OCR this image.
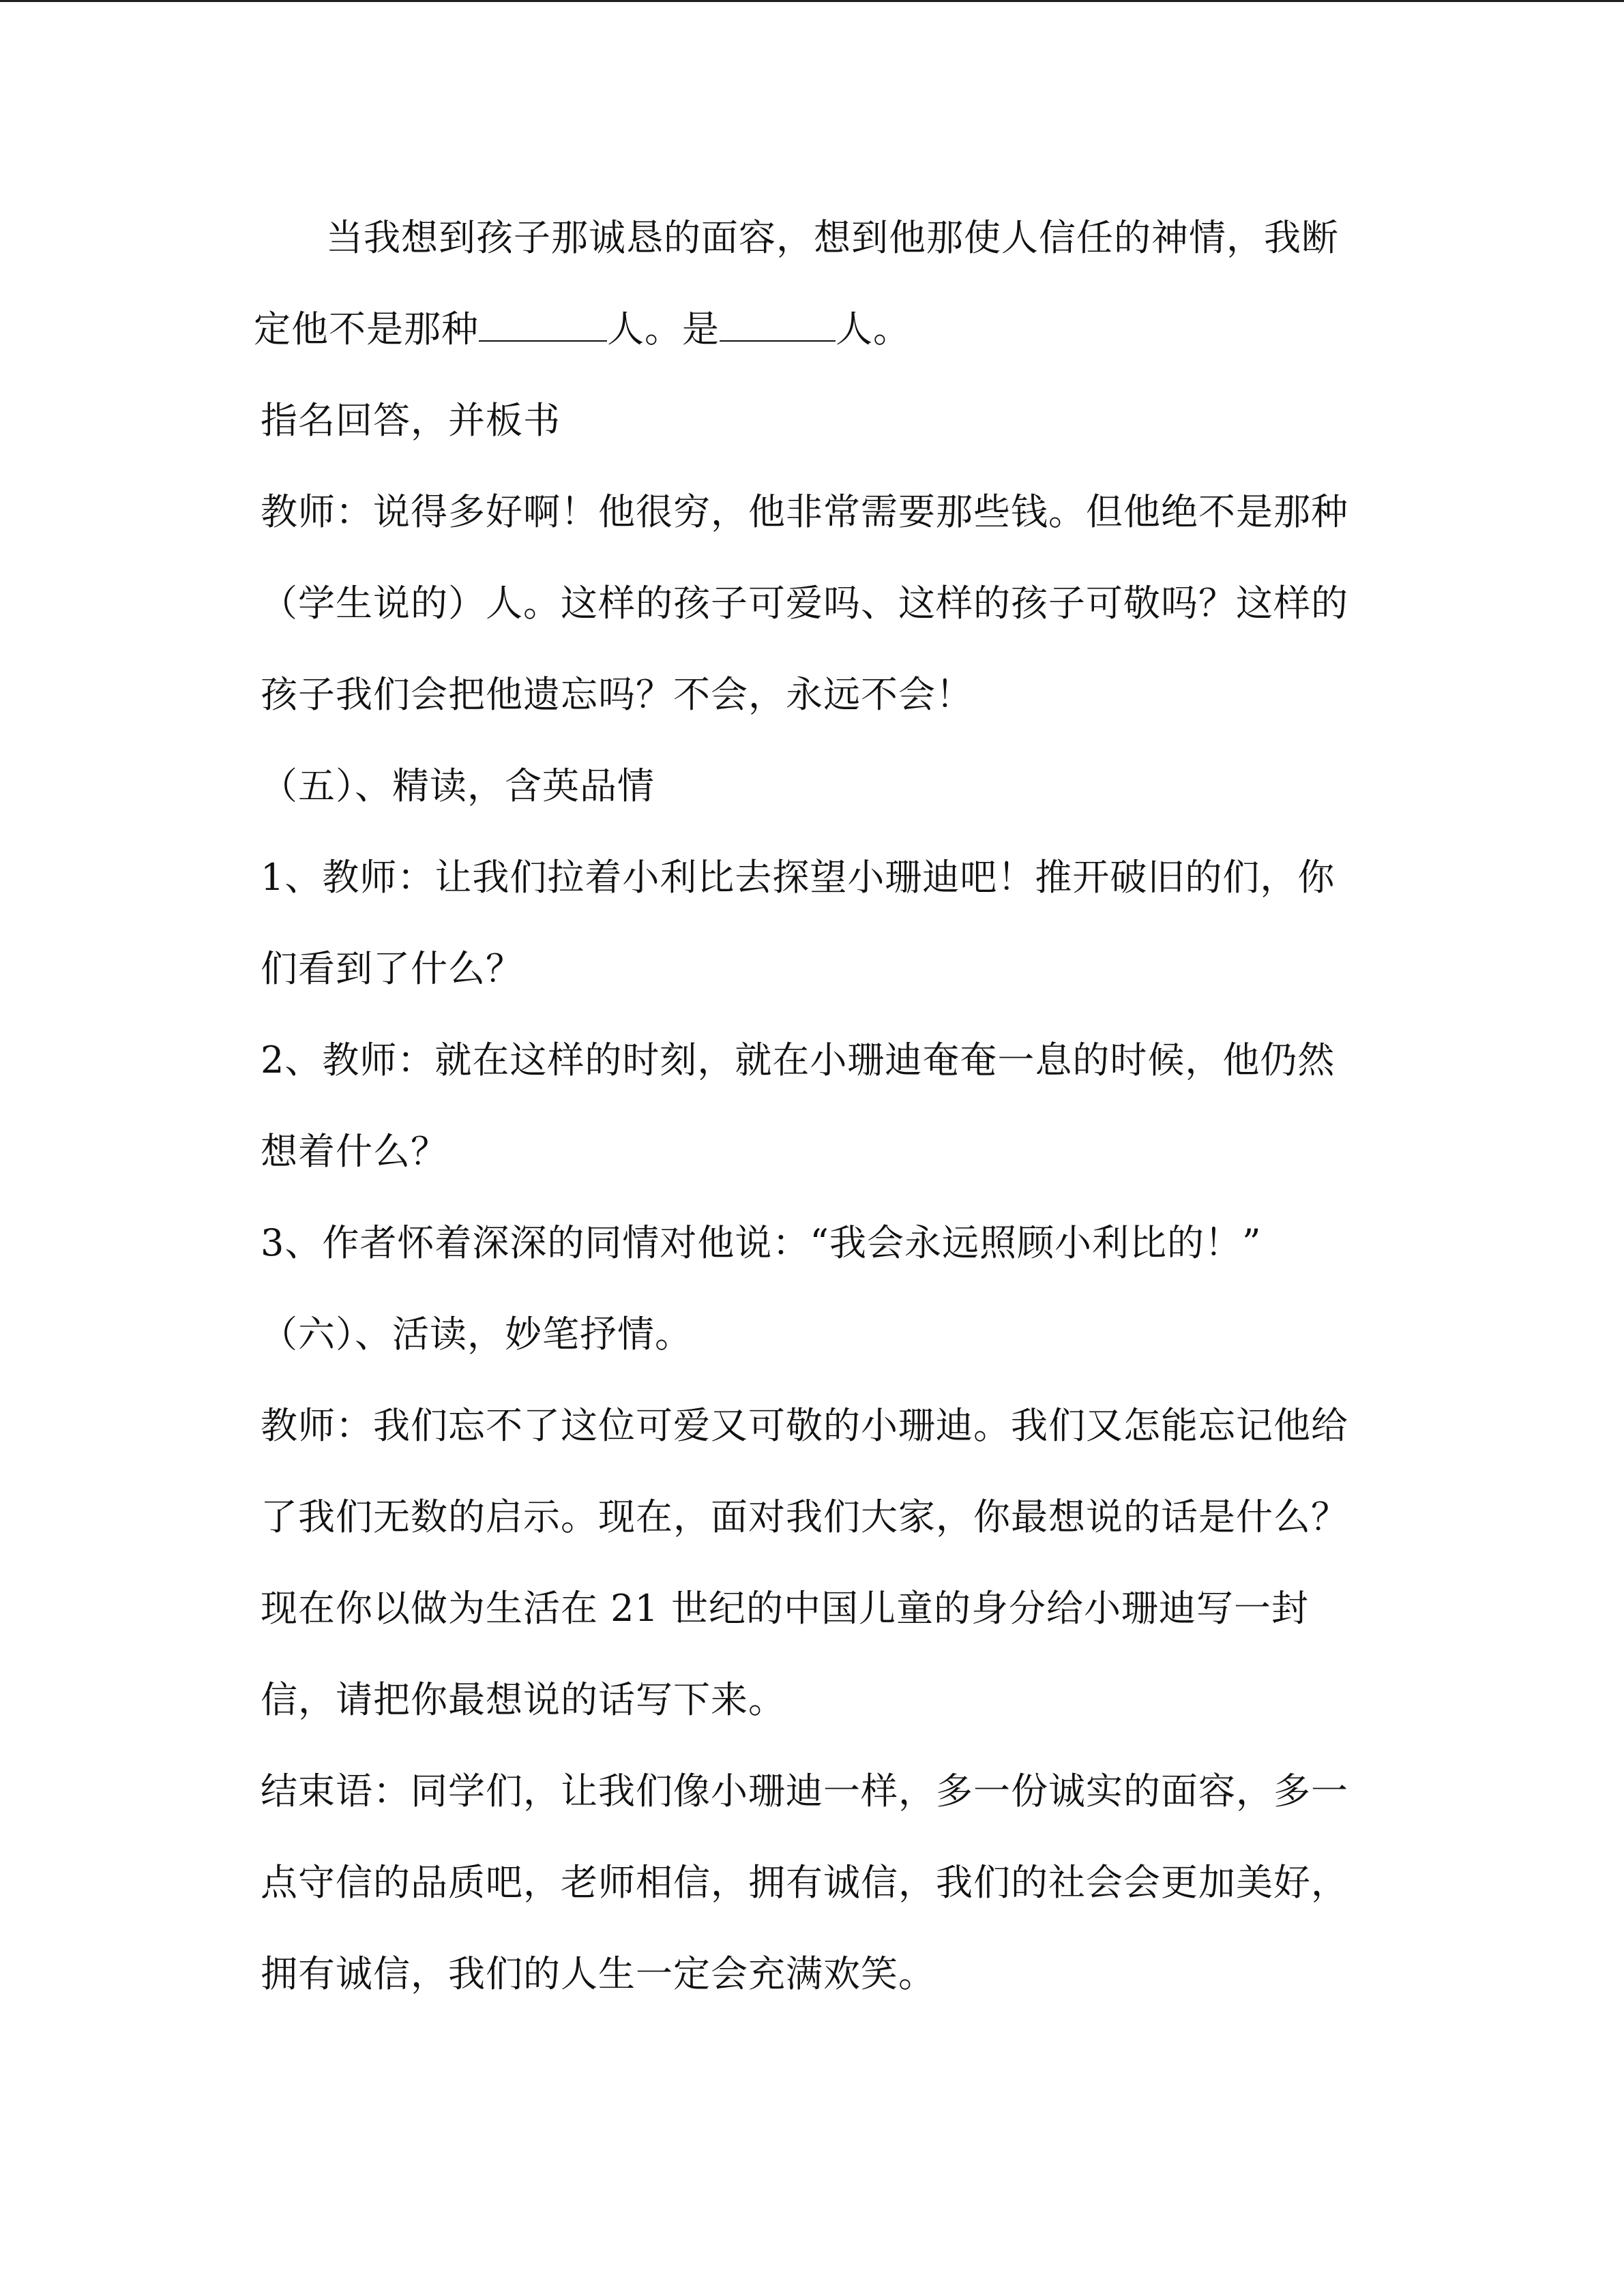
当我想到孩子那诚恳的面容，想到他那使人信任的神情，我断
定他不是那种	人。是	人。
指名回答，并板书
教师：说得多好啊！他很穷，他非常需要那些钱。但他绝不是那种
（学生说的）人。这样的孩子可爱吗、这样的孩子可敬吗？这样的
孩子我们会把他遗忘吗？不会，永远不会！
（五）、精读，含英品情
1、教师：让我们拉着小利比去探望小珊迪吧！推开破旧的们，你
们看到了什么？
2、教师：就在这样的时刻，就在小珊迪奄奄一息的时候，他仍然
想着什么？
3、作者怀着深深的同情对他说：“我会永远照顾小利比的！”
（六）、活读，妙笔抒情。
教师：我们忘不了这位可爱又可敬的小珊迪。我们又怎能忘记他给
了我们无数的启示。现在，面对我们大家，你最想说的话是什么？
现在你以做为生活在 21 世纪的中国儿童的身分给小珊迪写一封
信，请把你最想说的话写下来。
结束语：同学们，让我们像小珊迪一样，多一份诚实的面容，多一
点守信的品质吧，老师相信，拥有诚信，我们的社会会更加美好，
拥有诚信，我们的人生一定会充满欢笑。
